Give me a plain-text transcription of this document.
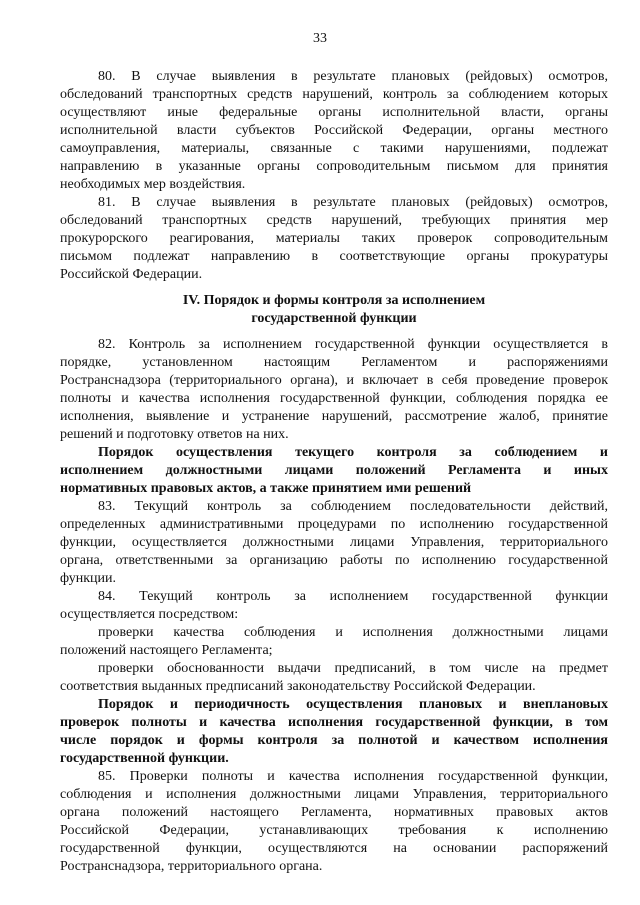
33
80. В случае выявления в результате плановых (рейдовых) осмотров,
обследований транспортных средств нарушений, контроль за соблюдением которых
осуществляют иные федеральные органы исполнительной власти, органы
исполнительной власти субъектов Российской Федерации, органы местного
самоуправления, материалы, связанные с такими нарушениями, подлежат
направлению в указанные органы сопроводительным письмом для принятия
необходимых мер воздействия.
81. В случае выявления в результате плановых (рейдовых) осмотров,
обследований транспортных средств нарушений, требующих принятия мер
прокурорского реагирования, материалы таких проверок сопроводительным
письмом подлежат направлению в соответствующие органы прокуратуры
Российской Федерации.
IV. Порядок и формы контроля за исполнением
государственной функции
82. Контроль за исполнением государственной функции осуществляется в
порядке, установленном настоящим Регламентом и распоряжениями
Ространснадзора (территориального органа), и включает в себя проведение проверок
полноты и качества исполнения государственной функции, соблюдения порядка ее
исполнения, выявление и устранение нарушений, рассмотрение жалоб, принятие
решений и подготовку ответов на них.
Порядок осуществления текущего контроля за соблюдением и
исполнением должностными лицами положений Регламента и иных
нормативных правовых актов, а также принятием ими решений
83. Текущий контроль за соблюдением последовательности действий,
определенных административными процедурами по исполнению государственной
функции, осуществляется должностными лицами Управления, территориального
органа, ответственными за организацию работы по исполнению государственной
функции.
84. Текущий контроль за исполнением государственной функции
осуществляется посредством:
проверки качества соблюдения и исполнения должностными лицами
положений настоящего Регламента;
проверки обоснованности выдачи предписаний, в том числе на предмет
соответствия выданных предписаний законодательству Российской Федерации.
Порядок и периодичность осуществления плановых и внеплановых
проверок полноты и качества исполнения государственной функции, в том
числе порядок и формы контроля за полнотой и качеством исполнения
государственной функции.
85. Проверки полноты и качества исполнения государственной функции,
соблюдения и исполнения должностными лицами Управления, территориального
органа положений настоящего Регламента, нормативных правовых актов
Российской Федерации, устанавливающих требования к исполнению
государственной функции, осуществляются на основании распоряжений
Ространснадзора, территориального органа.
